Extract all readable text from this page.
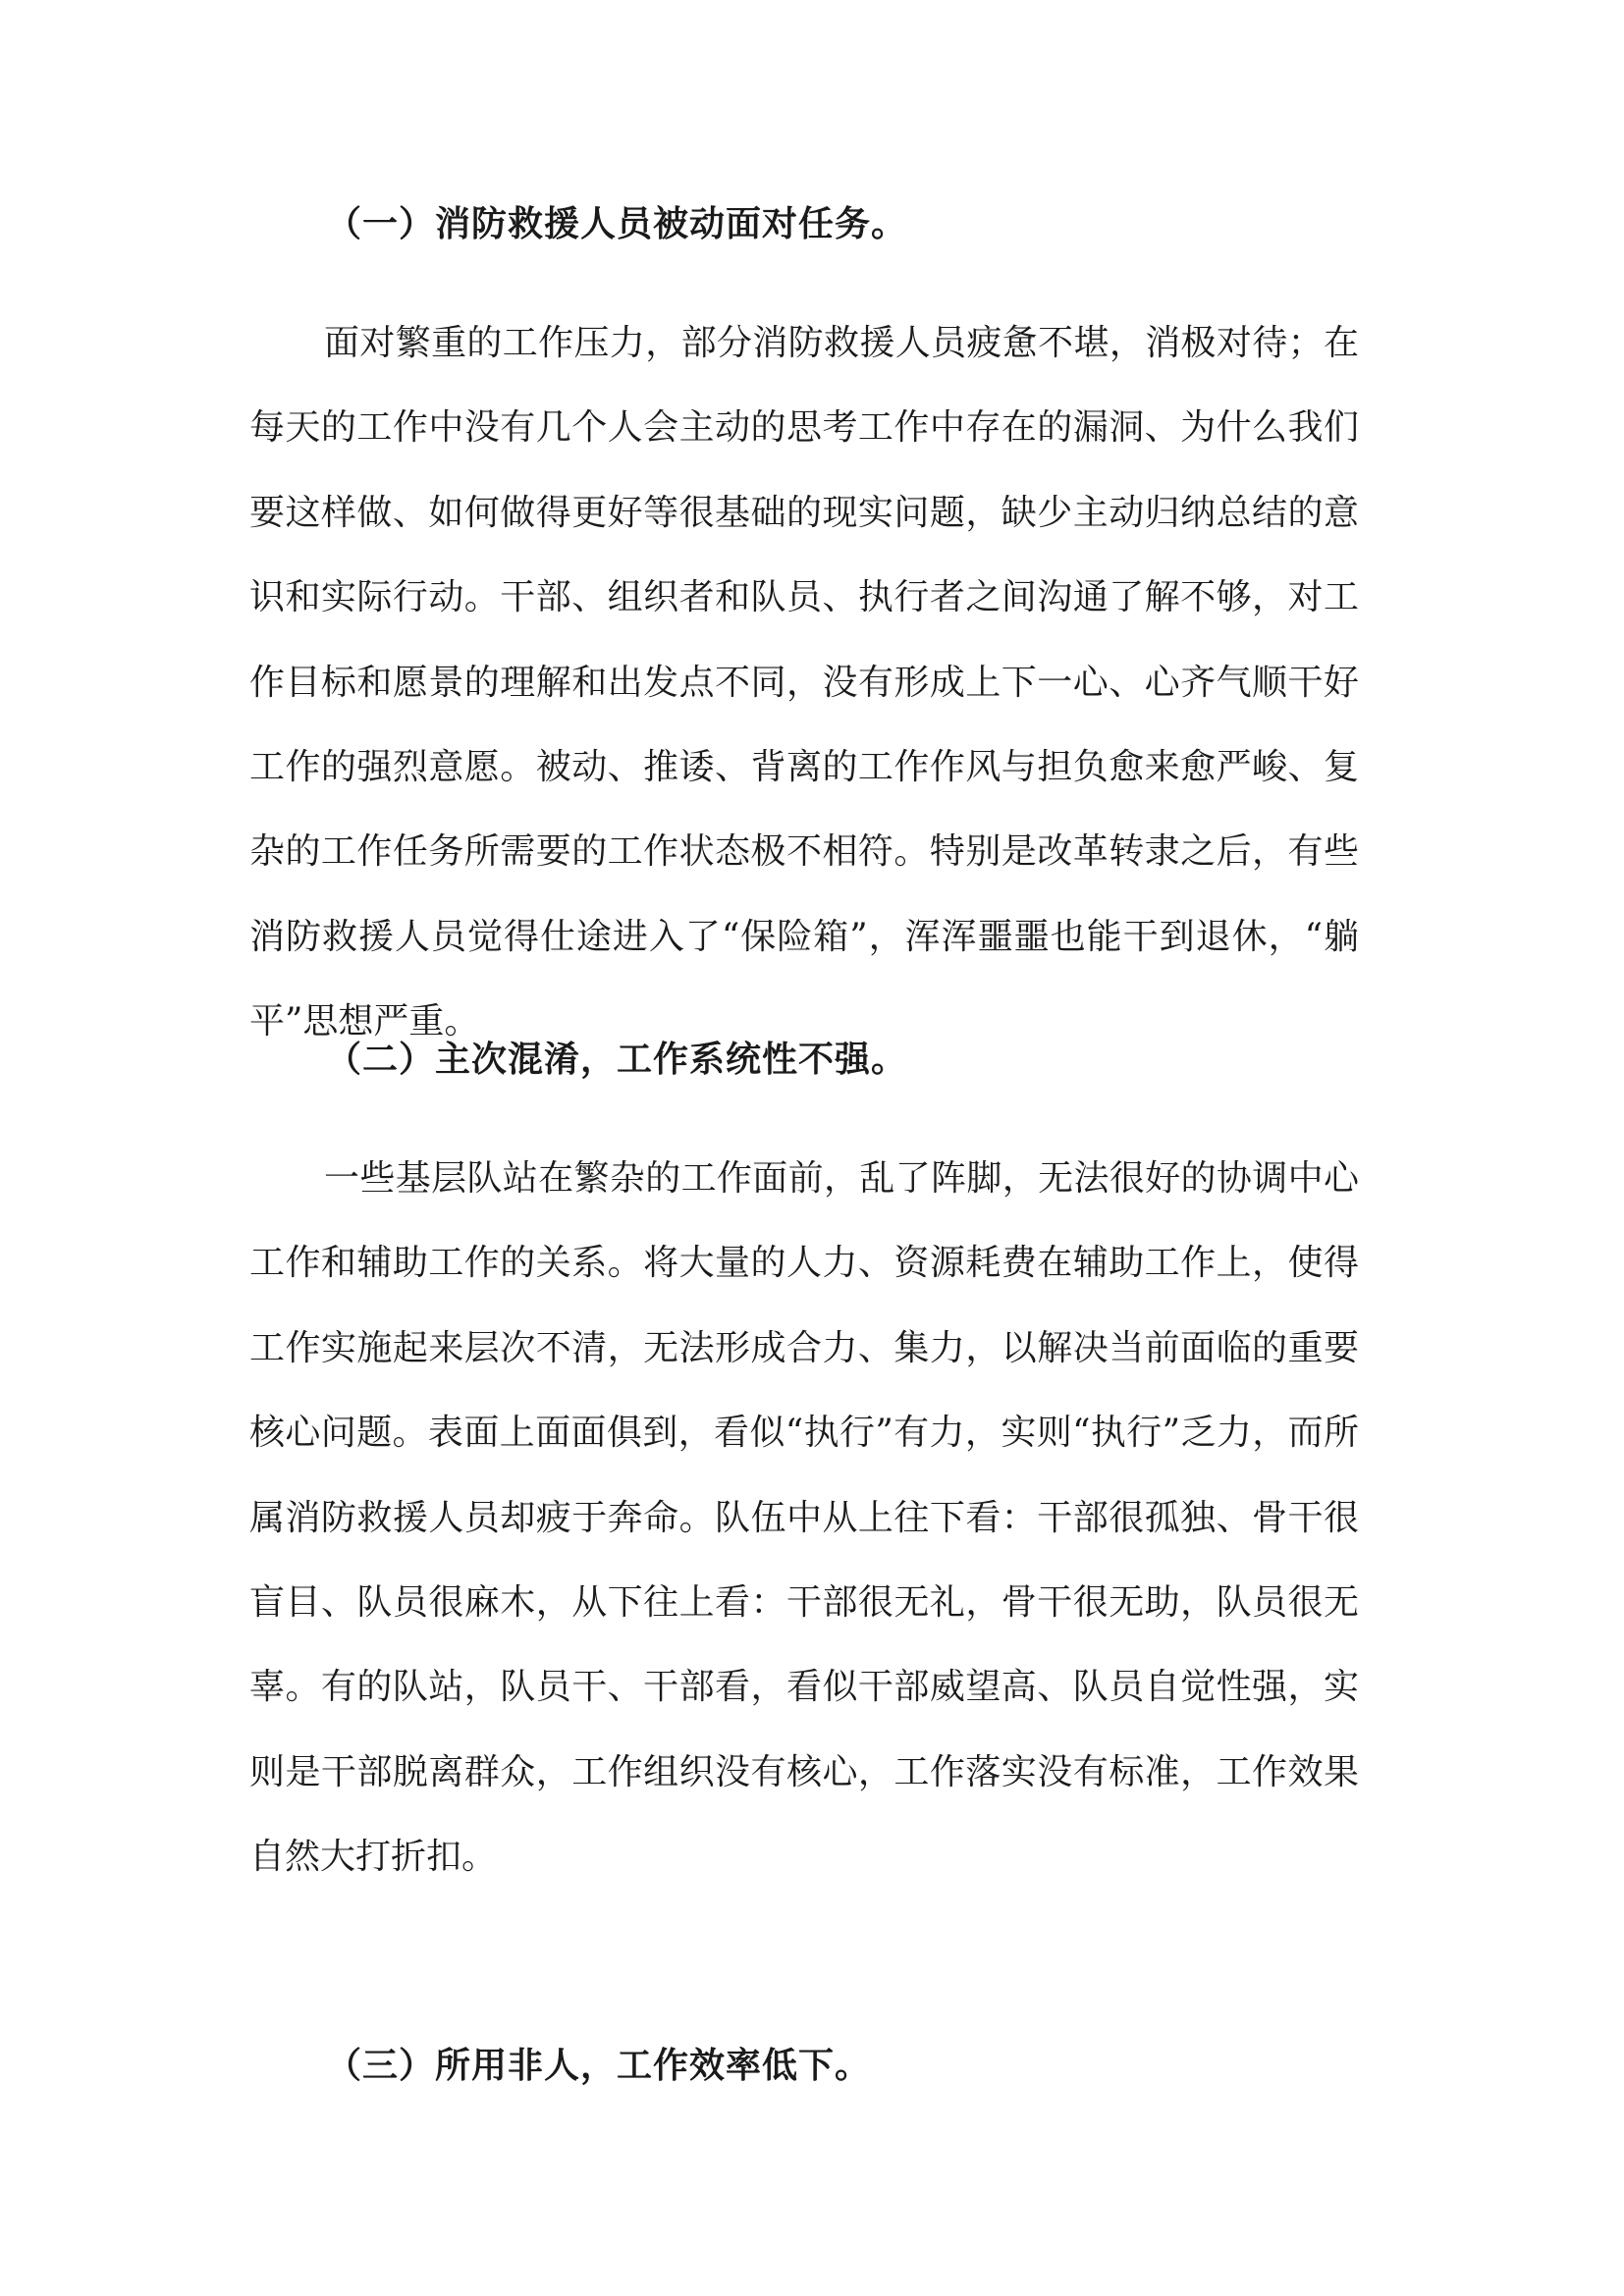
（一）消防救援人员被动面对任务。

面对繁重的工作压力，部分消防救援人员疲惫不堪，消极对待；在每天的工作中没有几个人会主动的思考工作中存在的漏洞、为什么我们要这样做、如何做得更好等很基础的现实问题，缺少主动归纳总结的意识和实际行动。干部、组织者和队员、执行者之间沟通了解不够，对工作目标和愿景的理解和出发点不同，没有形成上下一心、心齐气顺干好工作的强烈意愿。被动、推诿、背离的工作作风与担负愈来愈严峻、复杂的工作任务所需要的工作状态极不相符。特别是改革转隶之后，有些消防救援人员觉得仕途进入了“保险箱”，浑浑噩噩也能干到退休，“躺平”思想严重。

（二）主次混淆，工作系统性不强。

一些基层队站在繁杂的工作面前，乱了阵脚，无法很好的协调中心工作和辅助工作的关系。将大量的人力、资源耗费在辅助工作上，使得工作实施起来层次不清，无法形成合力、集力，以解决当前面临的重要核心问题。表面上面面俱到，看似“执行”有力，实则“执行”乏力，而所属消防救援人员却疲于奔命。队伍中从上往下看：干部很孤独、骨干很盲目、队员很麻木，从下往上看：干部很无礼，骨干很无助，队员很无辜。有的队站，队员干、干部看，看似干部威望高、队员自觉性强，实则是干部脱离群众，工作组织没有核心，工作落实没有标准，工作效果自然大打折扣。

（三）所用非人，工作效率低下。
